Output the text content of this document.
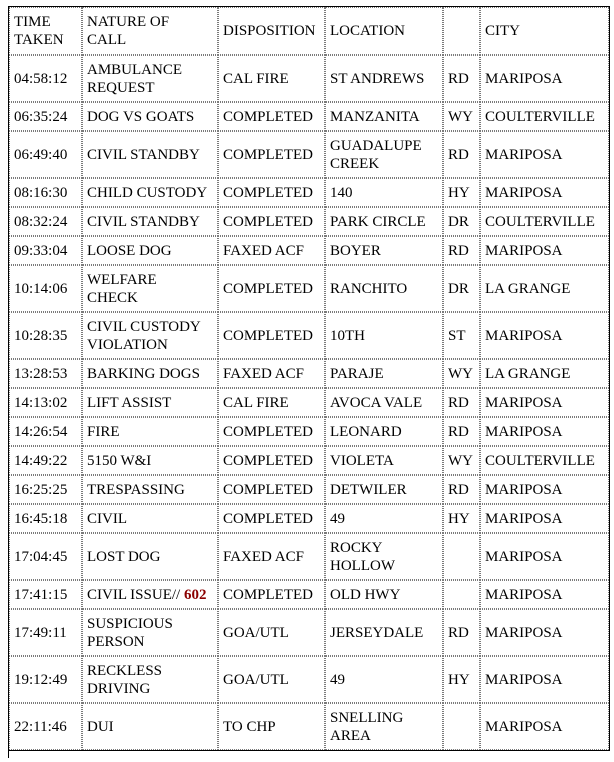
TIME
TAKEN	NATURE OF
CALL	DISPOSITION	LOCATION		CITY
04:58:12	AMBULANCE
REQUEST	CAL FIRE	ST ANDREWS	RD	MARIPOSA
06:35:24	DOG VS GOATS	COMPLETED	MANZANITA	WY	COULTERVILLE
06:49:40	CIVIL STANDBY	COMPLETED	GUADALUPE
CREEK	RD	MARIPOSA
08:16:30	CHILD CUSTODY	COMPLETED	140	HY	MARIPOSA
08:32:24	CIVIL STANDBY	COMPLETED	PARK CIRCLE	DR	COULTERVILLE
09:33:04	LOOSE DOG	FAXED ACF	BOYER	RD	MARIPOSA
10:14:06	WELFARE
CHECK	COMPLETED	RANCHITO	DR	LA GRANGE
10:28:35	CIVIL CUSTODY
VIOLATION	COMPLETED	10TH	ST	MARIPOSA
13:28:53	BARKING DOGS	FAXED ACF	PARAJE	WY	LA GRANGE
14:13:02	LIFT ASSIST	CAL FIRE	AVOCA VALE	RD	MARIPOSA
14:26:54	FIRE	COMPLETED	LEONARD	RD	MARIPOSA
14:49:22	5150 W&I	COMPLETED	VIOLETA	WY	COULTERVILLE
16:25:25	TRESPASSING	COMPLETED	DETWILER	RD	MARIPOSA
16:45:18	CIVIL	COMPLETED	49	HY	MARIPOSA
17:04:45	LOST DOG	FAXED ACF	ROCKY
HOLLOW		MARIPOSA
17:41:15	CIVIL ISSUE// 602	COMPLETED	OLD HWY		MARIPOSA
17:49:11	SUSPICIOUS
PERSON	GOA/UTL	JERSEYDALE	RD	MARIPOSA
19:12:49	RECKLESS
DRIVING	GOA/UTL	49	HY	MARIPOSA
22:11:46	DUI	TO CHP	SNELLING
AREA		MARIPOSA
